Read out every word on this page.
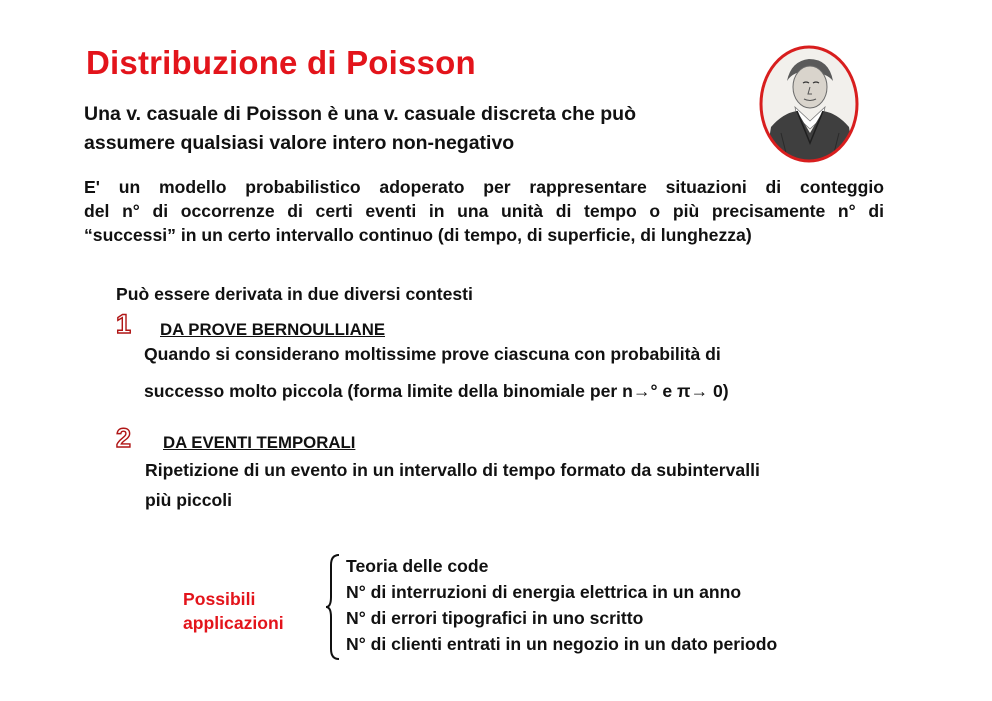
Distribuzione di Poisson
Una v. casuale di Poisson è una v. casuale discreta che può
assumere qualsiasi valore intero non-negativo
E' un modello probabilistico adoperato per rappresentare situazioni di conteggio
del n° di occorrenze di certi eventi in una unità di tempo o più precisamente n° di
“successi” in un certo intervallo continuo (di tempo, di superficie, di lunghezza)
Può essere derivata in due diversi contesti
1 DA PROVE BERNOULLIANE
Quando si considerano moltissime prove ciascuna con probabilità di
successo molto piccola (forma limite della binomiale per n→° e π→ 0)
2 DA EVENTI TEMPORALI
Ripetizione di un evento in un intervallo di tempo formato da subintervalli
più piccoli
Possibili
applicazioni
Teoria delle code
N° di interruzioni di energia elettrica in un anno
N° di errori tipografici in uno scritto
N° di clienti entrati in un negozio in un dato periodo
